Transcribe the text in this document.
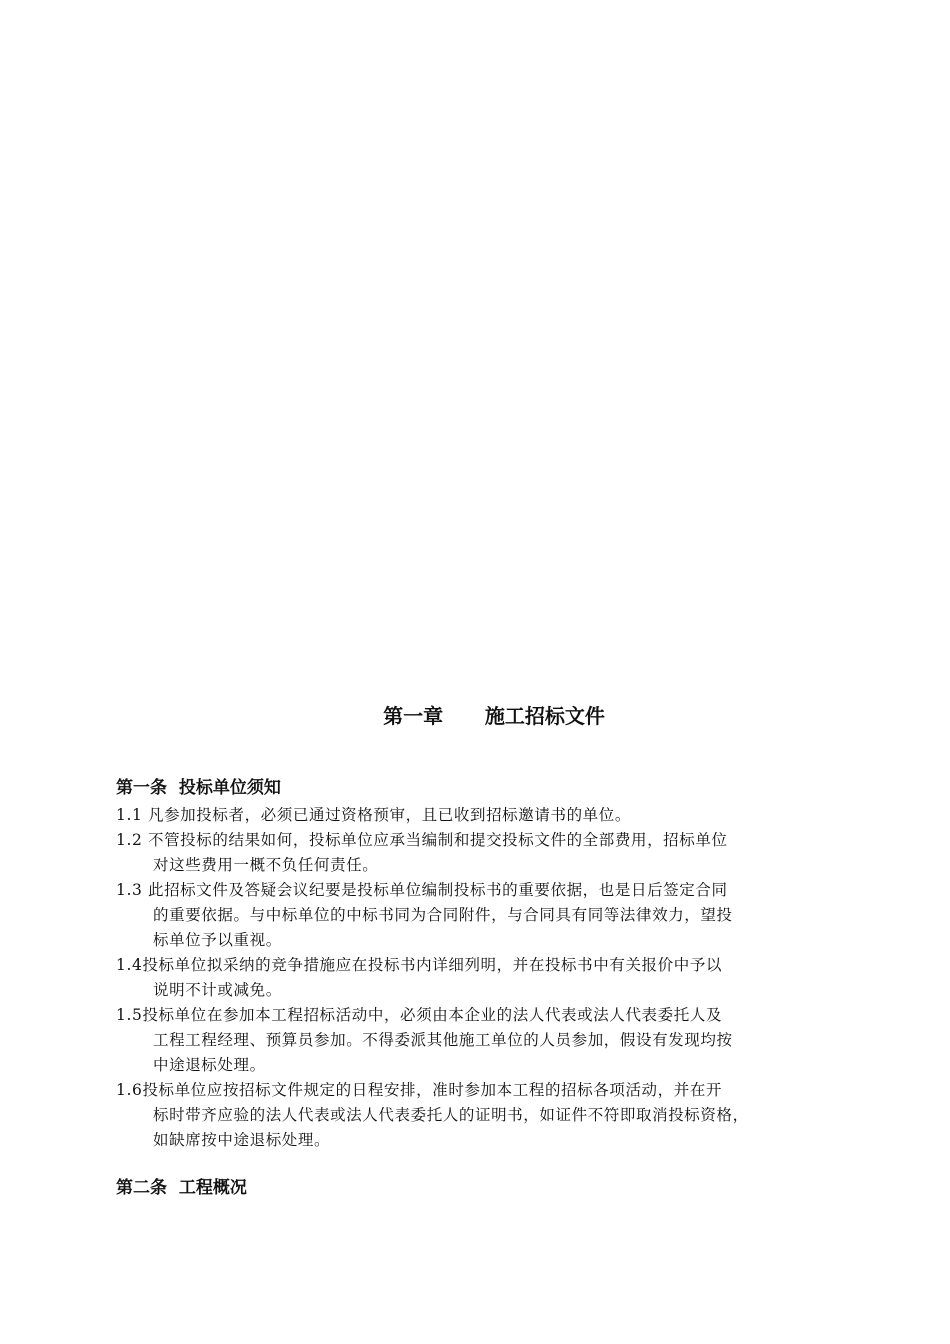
第一章      施工招标文件
第一条  投标单位须知
1.1 凡参加投标者，必须已通过资格预审，且已收到招标邀请书的单位。
1.2 不管投标的结果如何，投标单位应承当编制和提交投标文件的全部费用，招标单位
对这些费用一概不负任何责任。
1.3 此招标文件及答疑会议纪要是投标单位编制投标书的重要依据，也是日后签定合同
的重要依据。与中标单位的中标书同为合同附件，与合同具有同等法律效力，望投
标单位予以重视。
1.4投标单位拟采纳的竞争措施应在投标书内详细列明，并在投标书中有关报价中予以
说明不计或减免。
1.5投标单位在参加本工程招标活动中，必须由本企业的法人代表或法人代表委托人及
工程工程经理、预算员参加。不得委派其他施工单位的人员参加，假设有发现均按
中途退标处理。
1.6投标单位应按招标文件规定的日程安排，准时参加本工程的招标各项活动，并在开
标时带齐应验的法人代表或法人代表委托人的证明书，如证件不符即取消投标资格，
如缺席按中途退标处理。
第二条  工程概况
